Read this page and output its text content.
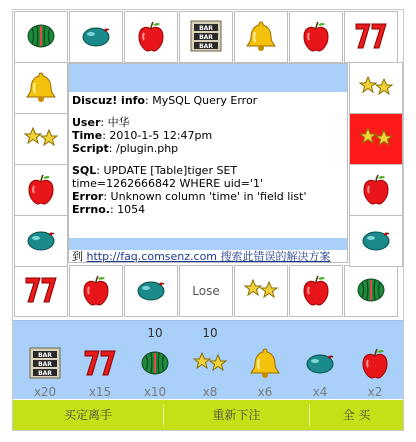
BAR
BAR
BAR
Lose

Discuz! info: MySQL Query Error

User: 中华
Time: 2010-1-5 12:47pm
Script: /plugin.php

SQL: UPDATE [Table]tiger SET time=1262666842 WHERE uid='1'
Error: Unknown column 'time' in 'field list'
Errno.: 1054

到 http://faq.comsenz.com 搜索此错误的解决方案
BAR
BAR
BAR
x20	x15
10
x10
10
x8	x6	x4	x2
买定离手	重新下注	全 买
